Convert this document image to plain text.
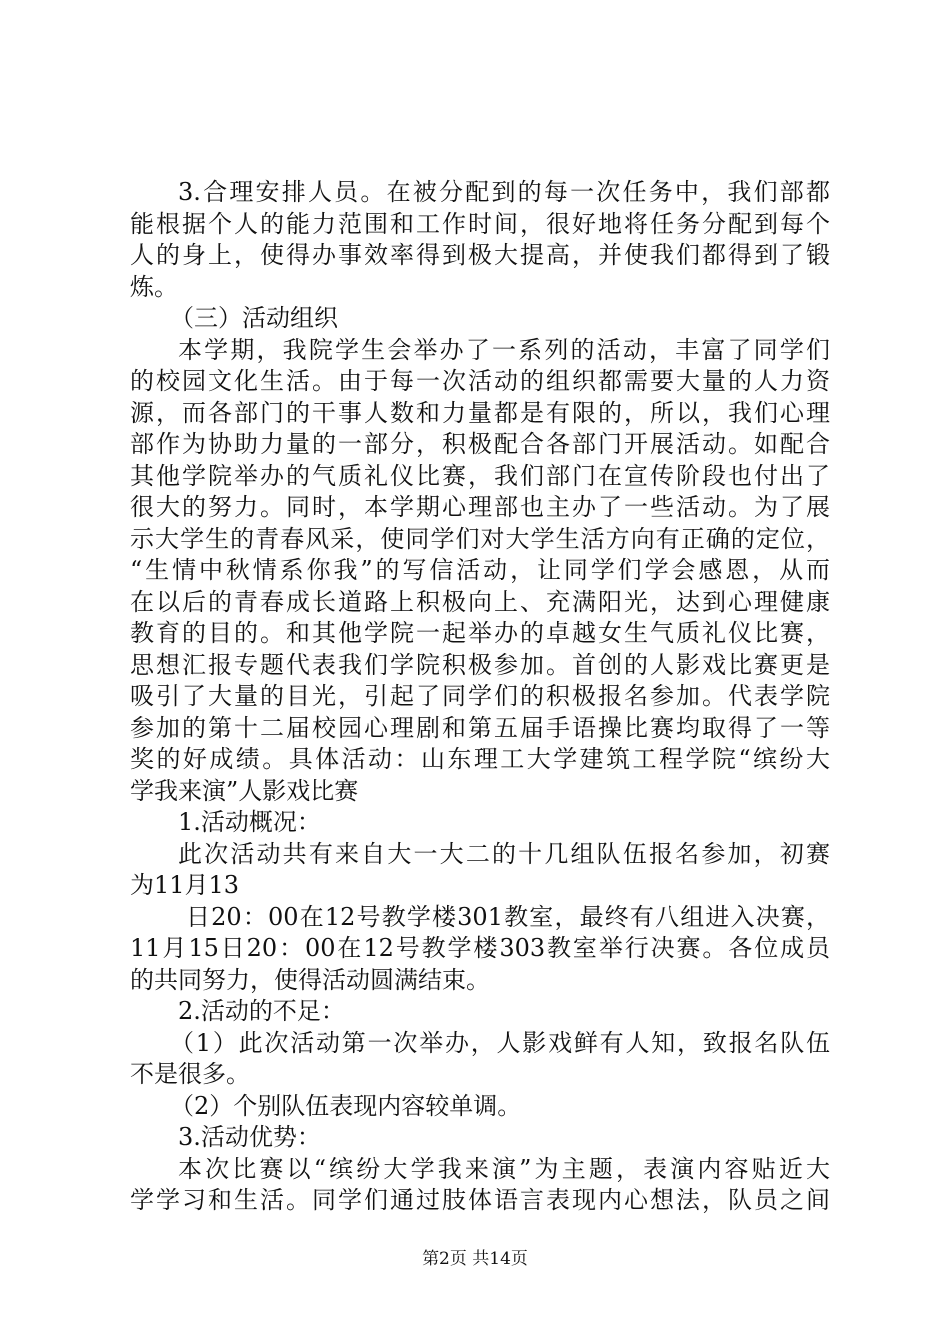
3.合理安排人员。在被分配到的每一次任务中，我们部都
能根据个人的能力范围和工作时间，很好地将任务分配到每个
人的身上，使得办事效率得到极大提高，并使我们都得到了锻
炼。
（三）活动组织
本学期，我院学生会举办了一系列的活动，丰富了同学们
的校园文化生活。由于每一次活动的组织都需要大量的人力资
源，而各部门的干事人数和力量都是有限的，所以，我们心理
部作为协助力量的一部分，积极配合各部门开展活动。如配合
其他学院举办的气质礼仪比赛，我们部门在宣传阶段也付出了
很大的努力。同时，本学期心理部也主办了一些活动。为了展
示大学生的青春风采，使同学们对大学生活方向有正确的定位，
“生情中秋情系你我”的写信活动，让同学们学会感恩，从而
在以后的青春成长道路上积极向上、充满阳光，达到心理健康
教育的目的。和其他学院一起举办的卓越女生气质礼仪比赛，
思想汇报专题代表我们学院积极参加。首创的人影戏比赛更是
吸引了大量的目光，引起了同学们的积极报名参加。代表学院
参加的第十二届校园心理剧和第五届手语操比赛均取得了一等
奖的好成绩。具体活动：山东理工大学建筑工程学院“缤纷大
学我来演”人影戏比赛
1.活动概况：
此次活动共有来自大一大二的十几组队伍报名参加，初赛
为11月13
日20：00在12号教学楼301教室，最终有八组进入决赛，
11月15日20：00在12号教学楼303教室举行决赛。各位成员
的共同努力，使得活动圆满结束。
2.活动的不足：
（1）此次活动第一次举办，人影戏鲜有人知，致报名队伍
不是很多。
（2）个别队伍表现内容较单调。
3.活动优势：
本次比赛以“缤纷大学我来演”为主题，表演内容贴近大
学学习和生活。同学们通过肢体语言表现内心想法，队员之间
第2页 共14页
